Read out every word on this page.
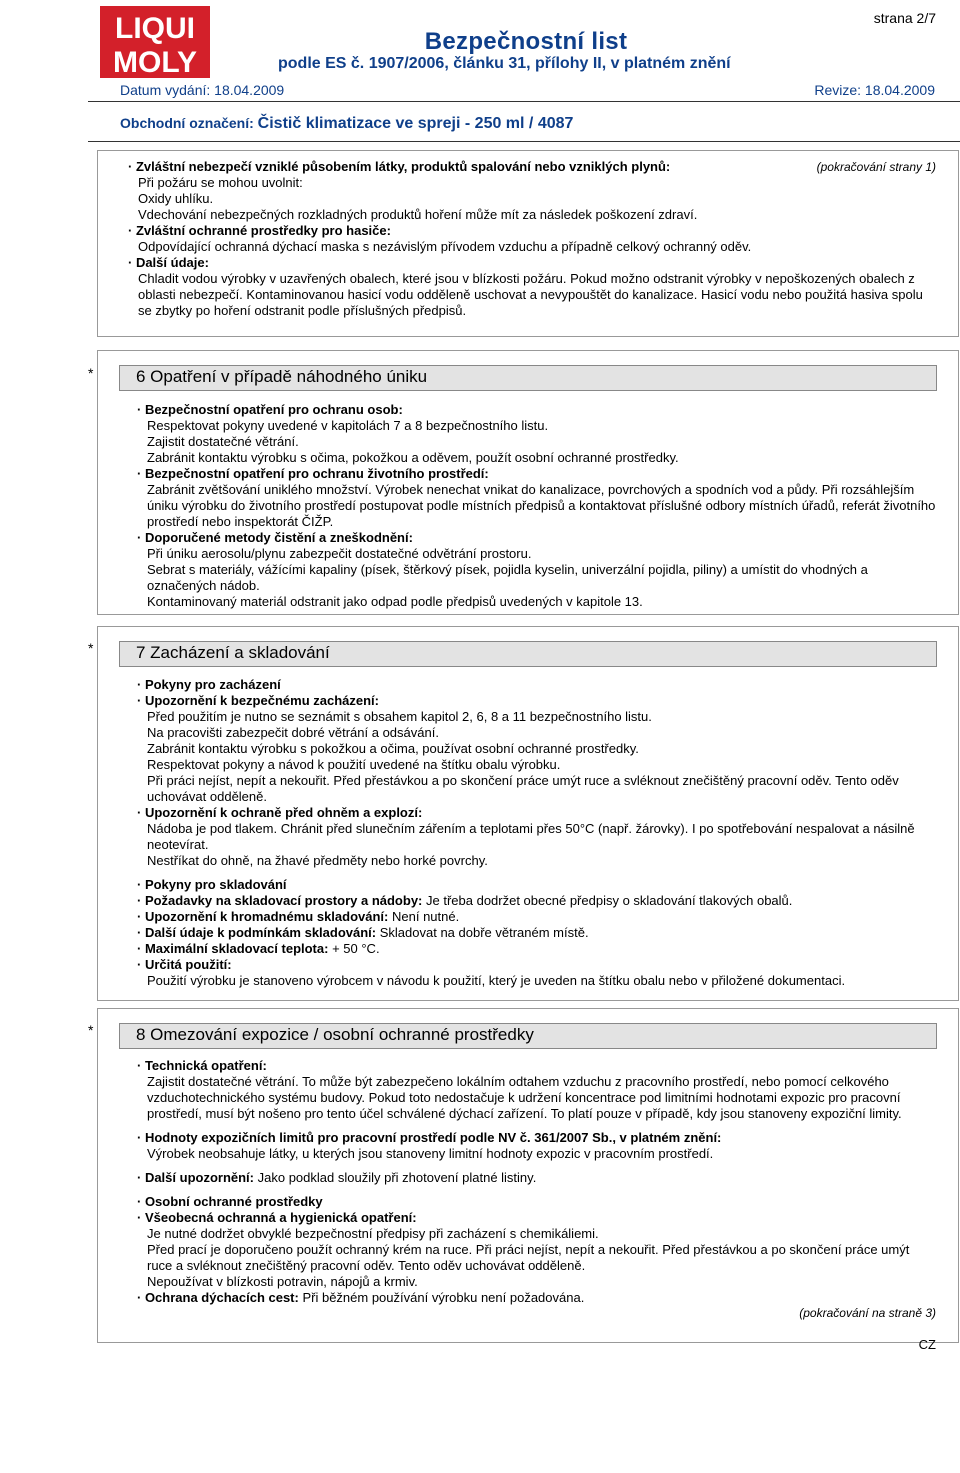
LIQUI
MOLY
strana 2/7
Bezpečnostní list
podle ES č. 1907/2006, článku 31, přílohy II, v platném znění
Datum vydání: 18.04.2009	Revize: 18.04.2009
Obchodní označení: Čistič klimatizace ve spreji - 250 ml / 4087

(pokračování strany 1)

· Zvláštní nebezpečí vzniklé působením látky, produktů spalování nebo vzniklých plynů:

Při požáru se mohou uvolnit:

Oxidy uhlíku.

Vdechování nebezpečných rozkladných produktů hoření může mít za následek poškození zdraví.

· Zvláštní ochranné prostředky pro hasiče:

Odpovídající ochranná dýchací maska s nezávislým přívodem vzduchu a případně celkový ochranný oděv.

· Další údaje:

Chladit vodou výrobky v uzavřených obalech, které jsou v blízkosti požáru. Pokud možno odstranit výrobky v nepoškozených obalech z oblasti nebezpečí. Kontaminovanou hasicí vodu odděleně uschovat a nevypouštět do kanalizace. Hasicí vodu nebo použitá hasiva spolu se zbytky po hoření odstranit podle příslušných předpisů.

*	6 Opatření v případě náhodného úniku

· Bezpečnostní opatření pro ochranu osob:

Respektovat pokyny uvedené v kapitolách 7 a 8 bezpečnostního listu.

Zajistit dostatečné větrání.

Zabránit kontaktu výrobku s očima, pokožkou a oděvem, použít osobní ochranné prostředky.

· Bezpečnostní opatření pro ochranu životního prostředí:

Zabránit zvětšování uniklého množství. Výrobek nenechat vnikat do kanalizace, povrchových a spodních vod a půdy. Při rozsáhlejším úniku výrobku do životního prostředí postupovat podle místních předpisů a kontaktovat příslušné odbory místních úřadů, referát životního prostředí nebo inspektorát ČIŽP.

· Doporučené metody čistění a zneškodnění:

Při úniku aerosolu/plynu zabezpečit dostatečné odvětrání prostoru.

Sebrat s materiály, vážícími kapaliny (písek, štěrkový písek, pojidla kyselin, univerzální pojidla, piliny) a umístit do vhodných a označených nádob.

Kontaminovaný materiál odstranit jako odpad podle předpisů uvedených v kapitole 13.

*	7 Zacházení a skladování

· Pokyny pro zacházení

· Upozornění k bezpečnému zacházení:

Před použitím je nutno se seznámit s obsahem kapitol 2, 6, 8 a 11 bezpečnostního listu.

Na pracovišti zabezpečit dobré větrání a odsávání.

Zabránit kontaktu výrobku s pokožkou a očima, používat osobní ochranné prostředky.

Respektovat pokyny a návod k použití uvedené na štítku obalu výrobku.

Při práci nejíst, nepít a nekouřit. Před přestávkou a po skončení práce umýt ruce a svléknout znečištěný pracovní oděv. Tento oděv uchovávat odděleně.

· Upozornění k ochraně před ohněm a explozí:

Nádoba je pod tlakem. Chránit před slunečním zářením a teplotami přes 50°C (např. žárovky). I po spotřebování nespalovat a násilně neotevírat.

Nestříkat do ohně, na žhavé předměty nebo horké povrchy.

· Pokyny pro skladování

· Požadavky na skladovací prostory a nádoby: Je třeba dodržet obecné předpisy o skladování tlakových obalů.

· Upozornění k hromadnému skladování: Není nutné.

· Další údaje k podmínkám skladování: Skladovat na dobře větraném místě.

· Maximální skladovací teplota: + 50 °C.

· Určitá použití:

Použití výrobku je stanoveno výrobcem v návodu k použití, který je uveden na štítku obalu nebo v přiložené dokumentaci.

*	8 Omezování expozice / osobní ochranné prostředky

· Technická opatření:

Zajistit dostatečné větrání. To může být zabezpečeno lokálním odtahem vzduchu z pracovního prostředí, nebo pomocí celkového vzduchotechnického systému budovy. Pokud toto nedostačuje k udržení koncentrace pod limitními hodnotami expozic pro pracovní prostředí, musí být nošeno pro tento účel schválené dýchací zařízení. To platí pouze v případě, kdy jsou stanoveny expoziční limity.

· Hodnoty expozičních limitů pro pracovní prostředí podle NV č. 361/2007 Sb., v platném znění:

Výrobek neobsahuje látky, u kterých jsou stanoveny limitní hodnoty expozic v pracovním prostředí.

· Další upozornění: Jako podklad sloužily při zhotovení platné listiny.

· Osobní ochranné prostředky

· Všeobecná ochranná a hygienická opatření:

Je nutné dodržet obvyklé bezpečnostní předpisy při zacházení s chemikáliemi.

Před prací je doporučeno použít ochranný krém na ruce. Při práci nejíst, nepít a nekouřit. Před přestávkou a po skončení práce umýt ruce a svléknout znečištěný pracovní oděv. Tento oděv uchovávat odděleně.

Nepoužívat v blízkosti potravin, nápojů a krmiv.

· Ochrana dýchacích cest: Při běžném používání výrobku není požadována.

(pokračování na straně 3)

CZ
